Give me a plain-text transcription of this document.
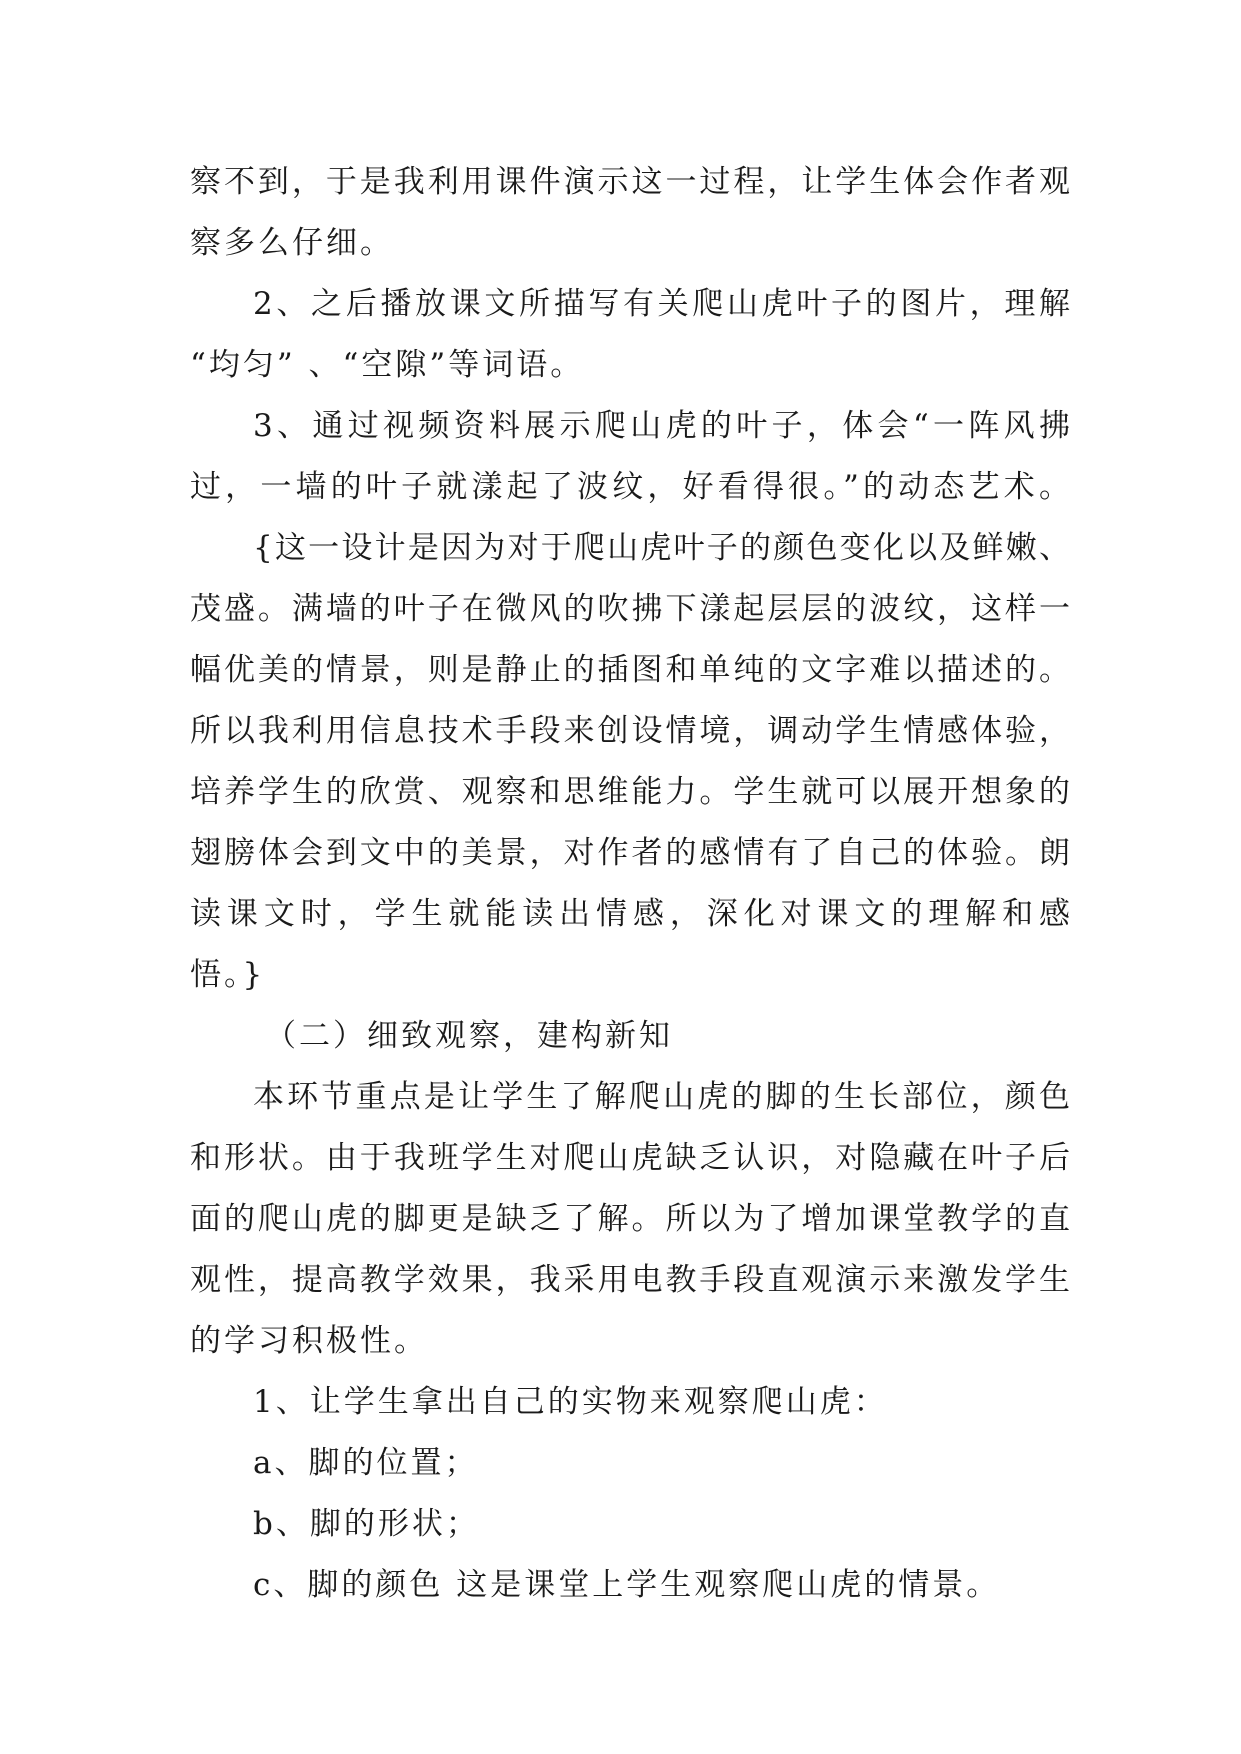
察不到，于是我利用课件演示这一过程，让学生体会作者观

察多么仔细。

2、之后播放课文所描写有关爬山虎叶子的图片，理解

“均匀” 、“空隙”等词语。

3、通过视频资料展示爬山虎的叶子，体会“一阵风拂

过，一墙的叶子就漾起了波纹，好看得很。”的动态艺术。

{这一设计是因为对于爬山虎叶子的颜色变化以及鲜嫩、

茂盛。满墙的叶子在微风的吹拂下漾起层层的波纹，这样一

幅优美的情景，则是静止的插图和单纯的文字难以描述的。

所以我利用信息技术手段来创设情境，调动学生情感体验，

培养学生的欣赏、观察和思维能力。学生就可以展开想象的

翅膀体会到文中的美景，对作者的感情有了自己的体验。朗

读课文时，学生就能读出情感，深化对课文的理解和感

悟。}

（二）细致观察，建构新知

本环节重点是让学生了解爬山虎的脚的生长部位，颜色

和形状。由于我班学生对爬山虎缺乏认识，对隐藏在叶子后

面的爬山虎的脚更是缺乏了解。所以为了增加课堂教学的直

观性，提高教学效果，我采用电教手段直观演示来激发学生

的学习积极性。

1、让学生拿出自己的实物来观察爬山虎：

a、脚的位置；

b、脚的形状；

c、脚的颜色 这是课堂上学生观察爬山虎的情景。
